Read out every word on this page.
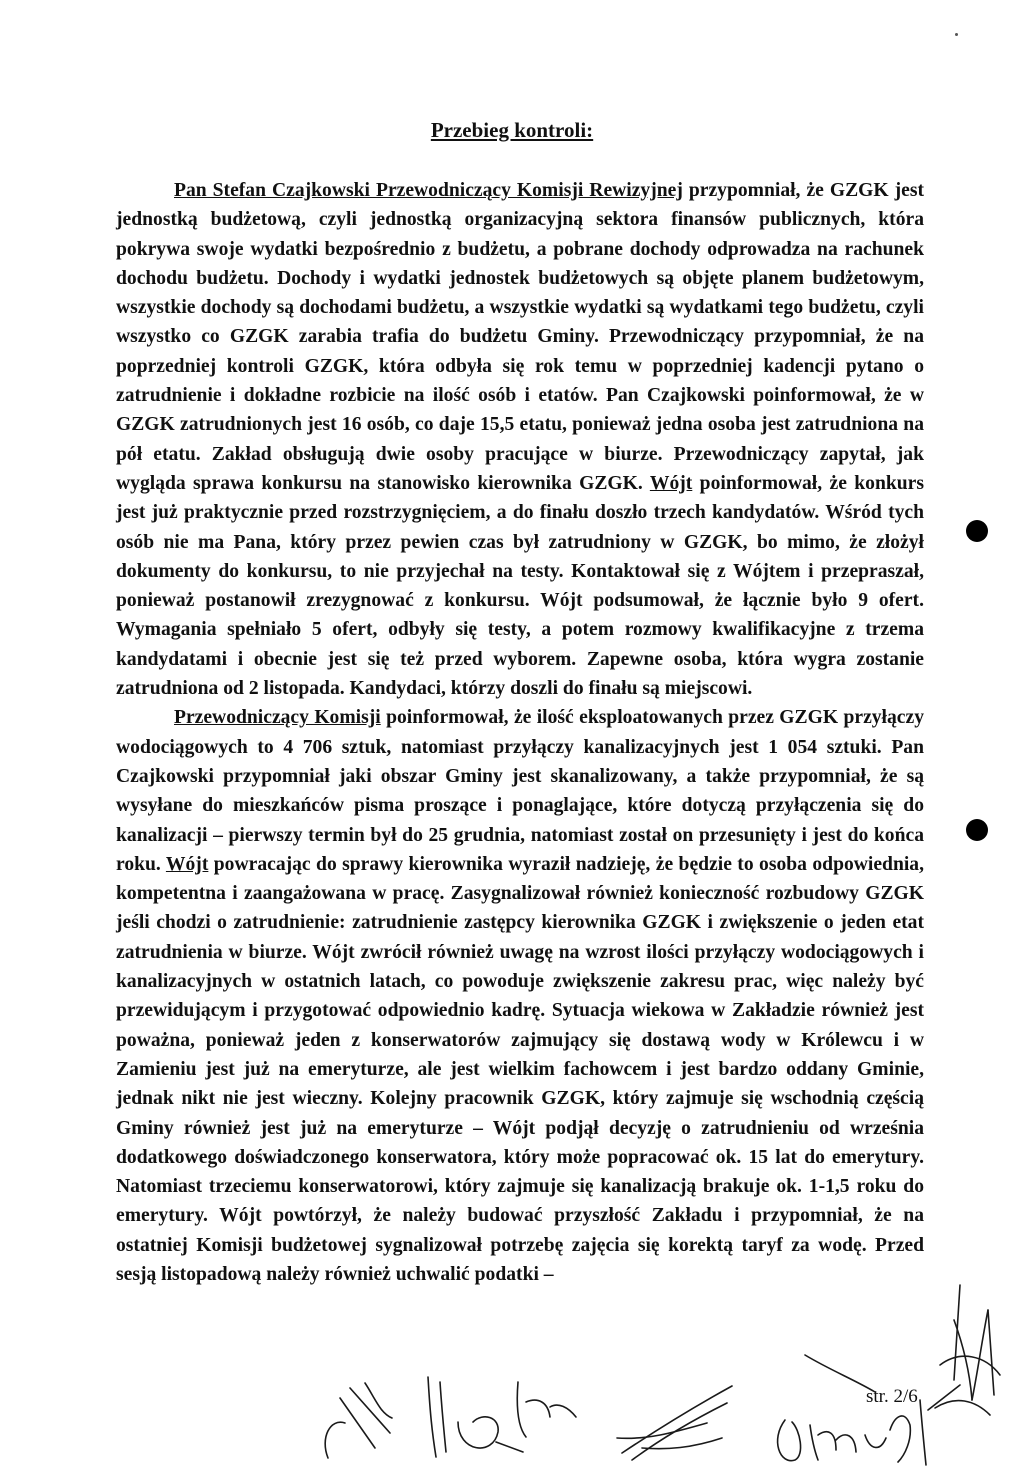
Przebieg kontroli:

Pan Stefan Czajkowski Przewodniczący Komisji Rewizyjnej przypomniał, że GZGK jest jednostką budżetową, czyli jednostką organizacyjną sektora finansów publicznych, która pokrywa swoje wydatki bezpośrednio z budżetu, a pobrane dochody odprowadza na rachunek dochodu budżetu. Dochody i wydatki jednostek budżetowych są objęte planem budżetowym, wszystkie dochody są dochodami budżetu, a wszystkie wydatki są wydatkami tego budżetu, czyli wszystko co GZGK zarabia trafia do budżetu Gminy. Przewodniczący przypomniał, że na poprzedniej kontroli GZGK, która odbyła się rok temu w poprzedniej kadencji pytano o zatrudnienie i dokładne rozbicie na ilość osób i etatów. Pan Czajkowski poinformował, że w GZGK zatrudnionych jest 16 osób, co daje 15,5 etatu, ponieważ jedna osoba jest zatrudniona na pół etatu. Zakład obsługują dwie osoby pracujące w biurze. Przewodniczący zapytał, jak wygląda sprawa konkursu na stanowisko kierownika GZGK. Wójt poinformował, że konkurs jest już praktycznie przed rozstrzygnięciem, a do finału doszło trzech kandydatów. Wśród tych osób nie ma Pana, który przez pewien czas był zatrudniony w GZGK, bo mimo, że złożył dokumenty do konkursu, to nie przyjechał na testy. Kontaktował się z Wójtem i przepraszał, ponieważ postanowił zrezygnować z konkursu. Wójt podsumował, że łącznie było 9 ofert. Wymagania spełniało 5 ofert, odbyły się testy, a potem rozmowy kwalifikacyjne z trzema kandydatami i obecnie jest się też przed wyborem. Zapewne osoba, która wygra zostanie zatrudniona od 2 listopada. Kandydaci, którzy doszli do finału są miejscowi.

Przewodniczący Komisji poinformował, że ilość eksploatowanych przez GZGK przyłączy wodociągowych to 4 706 sztuk, natomiast przyłączy kanalizacyjnych jest 1 054 sztuki. Pan Czajkowski przypomniał jaki obszar Gminy jest skanalizowany, a także przypomniał, że są wysyłane do mieszkańców pisma proszące i ponaglające, które dotyczą przyłączenia się do kanalizacji – pierwszy termin był do 25 grudnia, natomiast został on przesunięty i jest do końca roku. Wójt powracając do sprawy kierownika wyraził nadzieję, że będzie to osoba odpowiednia, kompetentna i zaangażowana w pracę. Zasygnalizował również konieczność rozbudowy GZGK jeśli chodzi o zatrudnienie: zatrudnienie zastępcy kierownika GZGK i zwiększenie o jeden etat zatrudnienia w biurze. Wójt zwrócił również uwagę na wzrost ilości przyłączy wodociągowych i kanalizacyjnych w ostatnich latach, co powoduje zwiększenie zakresu prac, więc należy być przewidującym i przygotować odpowiednio kadrę. Sytuacja wiekowa w Zakładzie również jest poważna, ponieważ jeden z konserwatorów zajmujący się dostawą wody w Królewcu i w Zamieniu jest już na emeryturze, ale jest wielkim fachowcem i jest bardzo oddany Gminie, jednak nikt nie jest wieczny. Kolejny pracownik GZGK, który zajmuje się wschodnią częścią Gminy również jest już na emeryturze – Wójt podjął decyzję o zatrudnieniu od września dodatkowego doświadczonego konserwatora, który może popracować ok. 15 lat do emerytury. Natomiast trzeciemu konserwatorowi, który zajmuje się kanalizacją brakuje ok. 1-1,5 roku do emerytury. Wójt powtórzył, że należy budować przyszłość Zakładu i przypomniał, że na ostatniej Komisji budżetowej sygnalizował potrzebę zajęcia się korektą taryf za wodę. Przed sesją listopadową należy również uchwalić podatki –

str. 2/6
